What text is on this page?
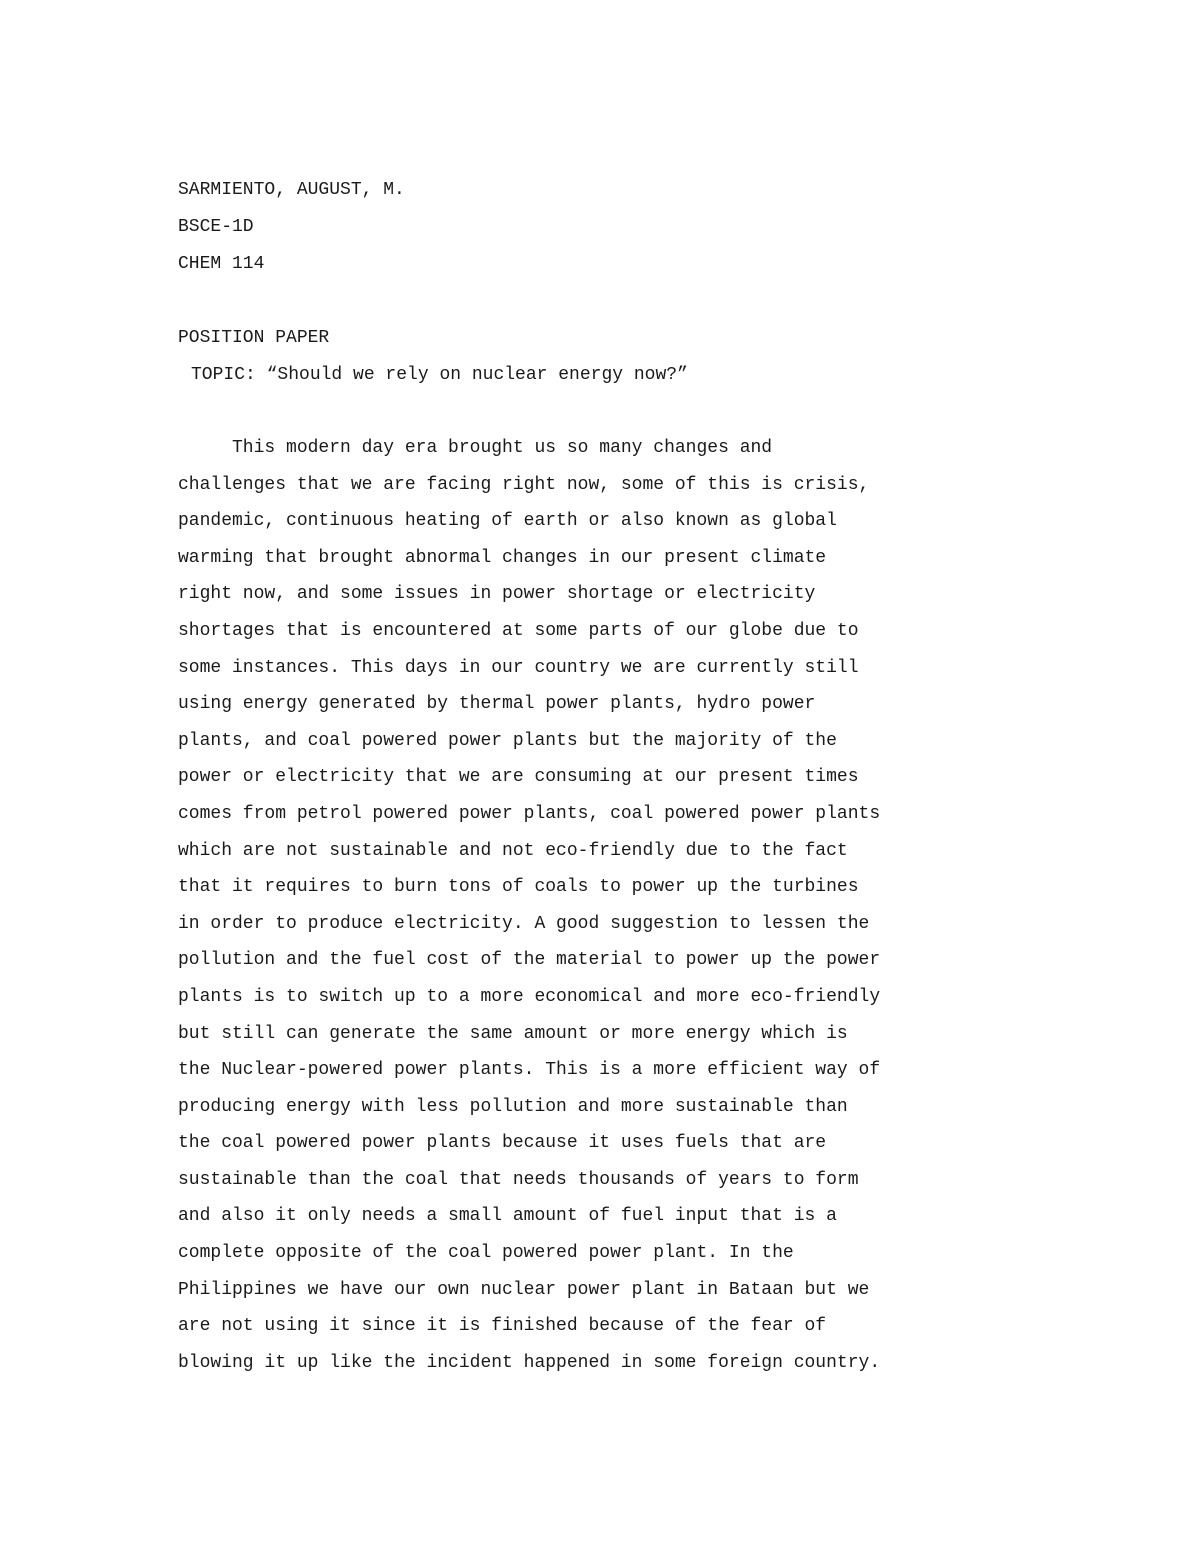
SARMIENTO, AUGUST, M.
BSCE-1D
CHEM 114
POSITION PAPER
TOPIC: “Should we rely on nuclear energy now?”
This modern day era brought us so many changes and
challenges that we are facing right now, some of this is crisis,
pandemic, continuous heating of earth or also known as global
warming that brought abnormal changes in our present climate
right now, and some issues in power shortage or electricity
shortages that is encountered at some parts of our globe due to
some instances. This days in our country we are currently still
using energy generated by thermal power plants, hydro power
plants, and coal powered power plants but the majority of the
power or electricity that we are consuming at our present times
comes from petrol powered power plants, coal powered power plants
which are not sustainable and not eco-friendly due to the fact
that it requires to burn tons of coals to power up the turbines
in order to produce electricity. A good suggestion to lessen the
pollution and the fuel cost of the material to power up the power
plants is to switch up to a more economical and more eco-friendly
but still can generate the same amount or more energy which is
the Nuclear-powered power plants. This is a more efficient way of
producing energy with less pollution and more sustainable than
the coal powered power plants because it uses fuels that are
sustainable than the coal that needs thousands of years to form
and also it only needs a small amount of fuel input that is a
complete opposite of the coal powered power plant. In the
Philippines we have our own nuclear power plant in Bataan but we
are not using it since it is finished because of the fear of
blowing it up like the incident happened in some foreign country.
